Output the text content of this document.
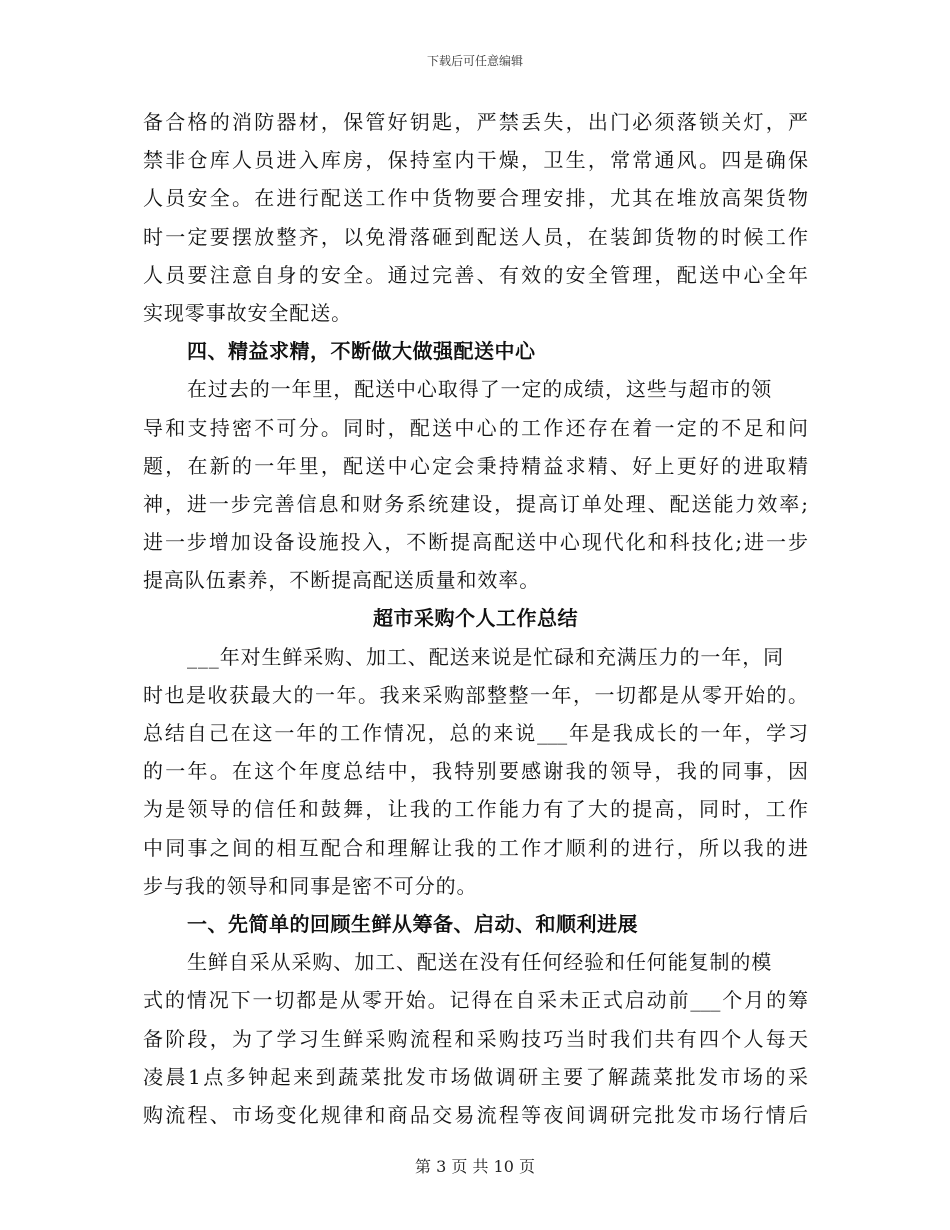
下载后可任意编辑
备合格的消防器材，保管好钥匙，严禁丢失，出门必须落锁关灯，严
禁非仓库人员进入库房，保持室内干燥，卫生，常常通风。四是确保
人员安全。在进行配送工作中货物要合理安排，尤其在堆放高架货物
时一定要摆放整齐，以免滑落砸到配送人员，在装卸货物的时候工作
人员要注意自身的安全。通过完善、有效的安全管理，配送中心全年
实现零事故安全配送。
四、精益求精，不断做大做强配送中心
在过去的一年里，配送中心取得了一定的成绩，这些与超市的领
导和支持密不可分。同时，配送中心的工作还存在着一定的不足和问
题，在新的一年里，配送中心定会秉持精益求精、好上更好的进取精
神，进一步完善信息和财务系统建设，提高订单处理、配送能力效率;
进一步增加设备设施投入，不断提高配送中心现代化和科技化;进一步
提高队伍素养，不断提高配送质量和效率。
超市采购个人工作总结
___年对生鲜采购、加工、配送来说是忙碌和充满压力的一年，同
时也是收获最大的一年。我来采购部整整一年，一切都是从零开始的。
总结自己在这一年的工作情况，总的来说___年是我成长的一年，学习
的一年。在这个年度总结中，我特别要感谢我的领导，我的同事，因
为是领导的信任和鼓舞，让我的工作能力有了大的提高，同时，工作
中同事之间的相互配合和理解让我的工作才顺利的进行，所以我的进
步与我的领导和同事是密不可分的。
一、先简单的回顾生鲜从筹备、启动、和顺利进展
生鲜自采从采购、加工、配送在没有任何经验和任何能复制的模
式的情况下一切都是从零开始。记得在自采未正式启动前___个月的筹
备阶段，为了学习生鲜采购流程和采购技巧当时我们共有四个人每天
凌晨1点多钟起来到蔬菜批发市场做调研主要了解蔬菜批发市场的采
购流程、市场变化规律和商品交易流程等夜间调研完批发市场行情后
第 3 页 共 10 页
